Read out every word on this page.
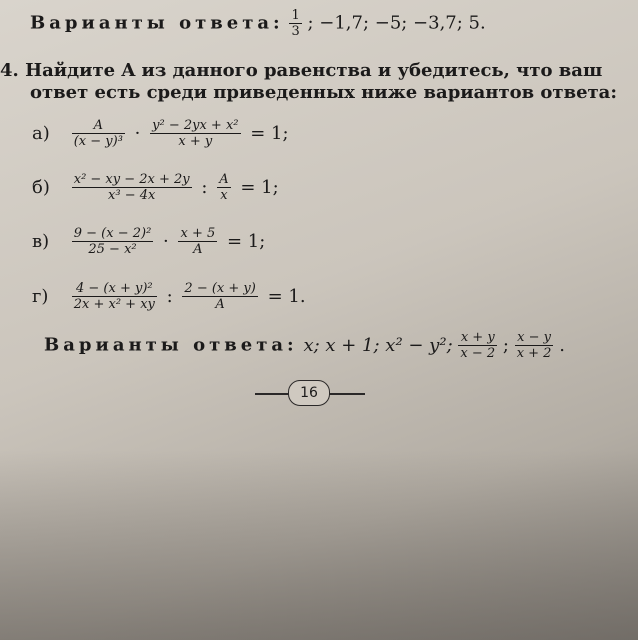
Варианты ответа: $\frac{1}{3}$ ; −1,7; −5; −3,7; 5.
4. Найдите A из данного равенства и убедитесь, что ваш
ответ есть среди приведенных ниже вариантов ответа:
$а) \frac{A}{\text{(x − y)³}} \cdot \frac{\text{y² − 2yx + x²}}{x + y} = 1$;
$б) \frac{\text{x² − xy − 2x + 2y}}{\text{x³ − 4x}}$ : $\frac{A}{x} = 1$;
$в) \frac{\text{9 − (x − 2)²}}{\text{25 − x²}} \cdot \frac{x + 5}{A} = 1$;
$г) \frac{\text{4 − (x + y)²}}{\text{2x + x² + xy}}$ : $\frac{2 - (x + y)}{A} = 1$.
Варианты ответа: x; x + 1; x² − y²; $\frac{x + y}{x - 2}$ ; $\frac{x - y}{x + 2}$ .
16
